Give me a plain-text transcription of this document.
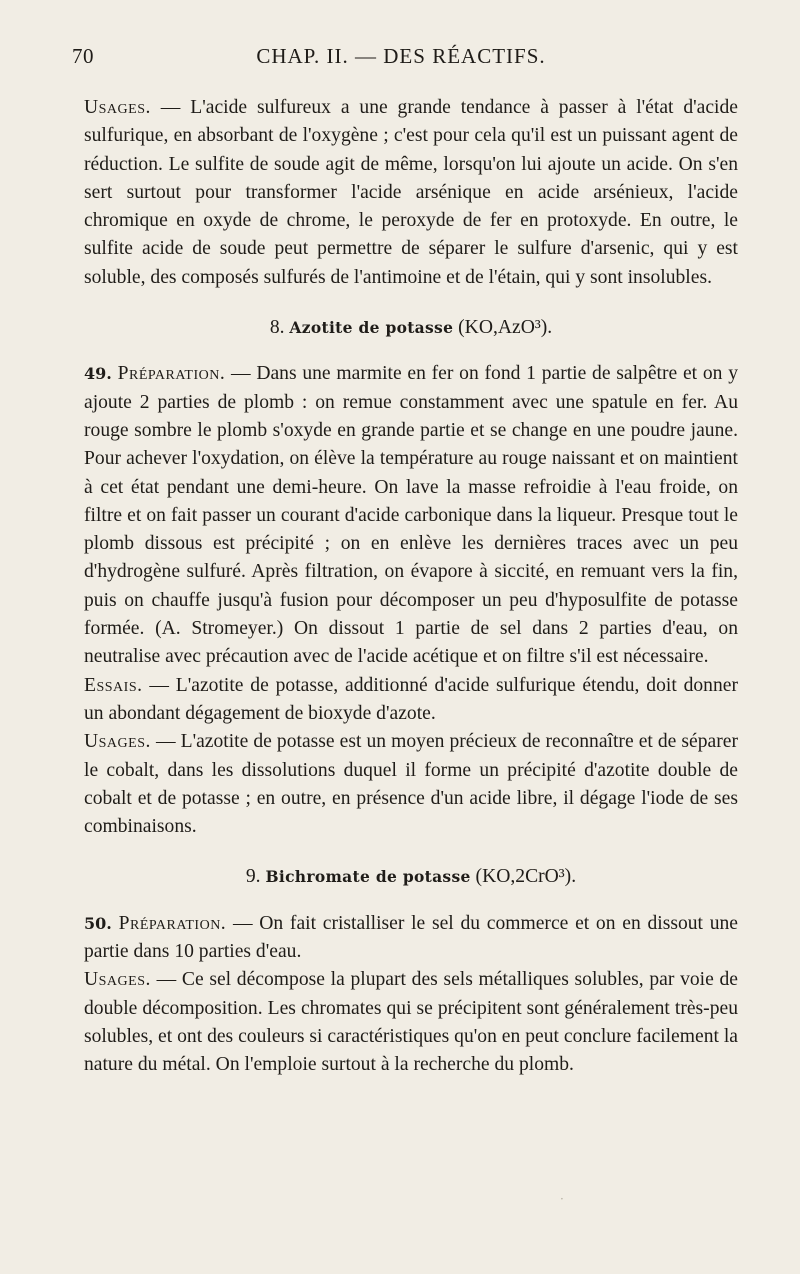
70	CHAP. II. — DES RÉACTIFS.

Usages. — L'acide sulfureux a une grande tendance à passer à l'état d'acide sulfurique, en absorbant de l'oxygène ; c'est pour cela qu'il est un puissant agent de réduction. Le sulfite de soude agit de même, lorsqu'on lui ajoute un acide. On s'en sert surtout pour transformer l'acide arsénique en acide arsénieux, l'acide chromique en oxyde de chrome, le peroxyde de fer en protoxyde. En outre, le sulfite acide de soude peut permettre de séparer le sulfure d'arsenic, qui y est soluble, des composés sulfurés de l'antimoine et de l'étain, qui y sont insolubles.

8. Azotite de potasse (KO,AzO³).

49. Préparation. — Dans une marmite en fer on fond 1 partie de salpêtre et on y ajoute 2 parties de plomb : on remue constamment avec une spatule en fer. Au rouge sombre le plomb s'oxyde en grande partie et se change en une poudre jaune. Pour achever l'oxydation, on élève la température au rouge naissant et on maintient à cet état pendant une demi-heure. On lave la masse refroidie à l'eau froide, on filtre et on fait passer un courant d'acide carbonique dans la liqueur. Presque tout le plomb dissous est précipité ; on en enlève les dernières traces avec un peu d'hydrogène sulfuré. Après filtration, on évapore à siccité, en remuant vers la fin, puis on chauffe jusqu'à fusion pour décomposer un peu d'hyposulfite de potasse formée. (A. Stromeyer.) On dissout 1 partie de sel dans 2 parties d'eau, on neutralise avec précaution avec de l'acide acétique et on filtre s'il est nécessaire.

Essais. — L'azotite de potasse, additionné d'acide sulfurique étendu, doit donner un abondant dégagement de bioxyde d'azote.

Usages. — L'azotite de potasse est un moyen précieux de reconnaître et de séparer le cobalt, dans les dissolutions duquel il forme un précipité d'azotite double de cobalt et de potasse ; en outre, en présence d'un acide libre, il dégage l'iode de ses combinaisons.

9. Bichromate de potasse (KO,2CrO³).

50. Préparation. — On fait cristalliser le sel du commerce et on en dissout une partie dans 10 parties d'eau.

Usages. — Ce sel décompose la plupart des sels métalliques solubles, par voie de double décomposition. Les chromates qui se précipitent sont généralement très-peu solubles, et ont des couleurs si caractéristiques qu'on en peut conclure facilement la nature du métal. On l'emploie surtout à la recherche du plomb.

·
